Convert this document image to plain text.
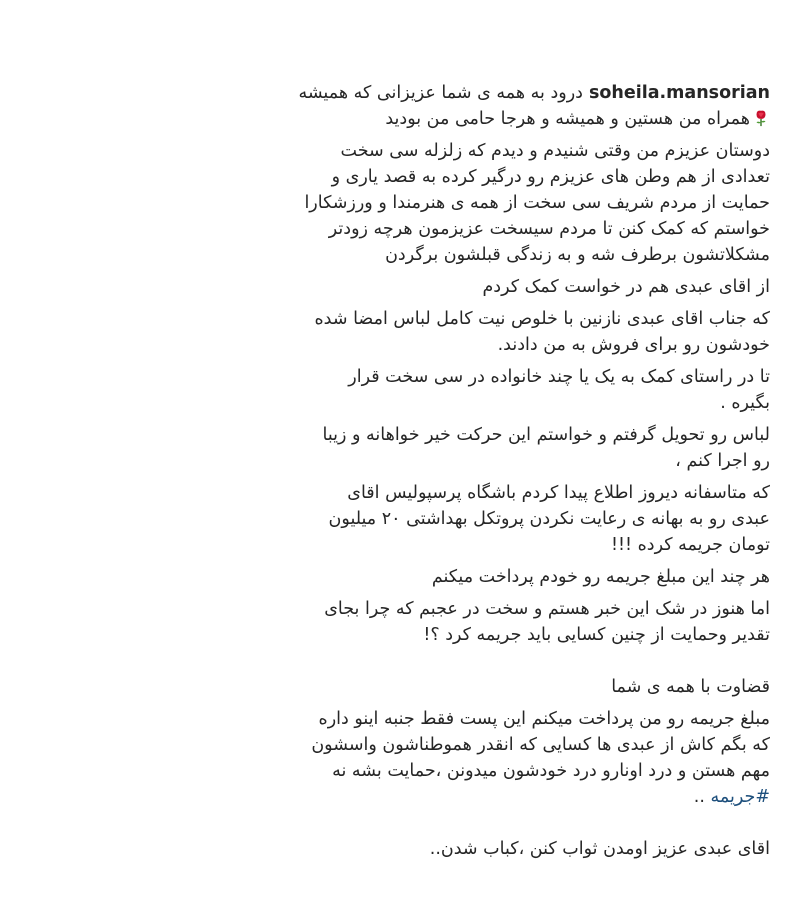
soheila.mansorianدرود به همه ی شما عزیزانی که همیشه
همراه من هستین و همیشه و هرجا حامی من بودید
دوستان عزیزم من وقتی شنیدم و دیدم که زلزله سی سخت
تعدادی از هم وطن های عزیزم رو درگیر کرده به قصد یاری و
حمایت از مردم شریف سی سخت از همه ی هنرمندا و ورزشکارا
خواستم که کمک کنن تا مردم سیسخت عزیزمون هرچه زودتر
مشکلاتشون برطرف شه و به زندگی قبلشون برگردن
از اقای عبدی هم در خواست کمک کردم
که جناب اقای عبدی نازنین با خلوص نیت کامل لباس امضا شده
خودشون رو برای فروش به من دادند.
تا در راستای کمک به یک یا چند خانواده در سی سخت قرار
بگیره .
لباس رو تحویل گرفتم و خواستم این حرکت خیر خواهانه و زیبا
رو اجرا کنم ،
که متاسفانه دیروز اطلاع پیدا کردم باشگاه پرسپولیس اقای
عبدی رو به بهانه ی رعایت نکردن پروتکل بهداشتی ۲۰ میلیون
تومان جریمه کرده !!!
هر چند این مبلغ جریمه رو خودم پرداخت میکنم
اما هنوز در شک این خبر هستم و سخت در عجبم که چرا بجای
تقدیر وحمایت از چنین کسایی باید جریمه کرد ؟!
قضاوت با همه ی شما
مبلغ جریمه رو من پرداخت میکنم این پست فقط جنبه اینو داره
که بگم کاش از عبدی ها کسایی که انقدر هموطناشون واسشون
مهم هستن و درد اونارو درد خودشون میدونن ،حمایت بشه نه
#جریمه ..
اقای عبدی عزیز اومدن ثواب کنن ،کباب شدن..
